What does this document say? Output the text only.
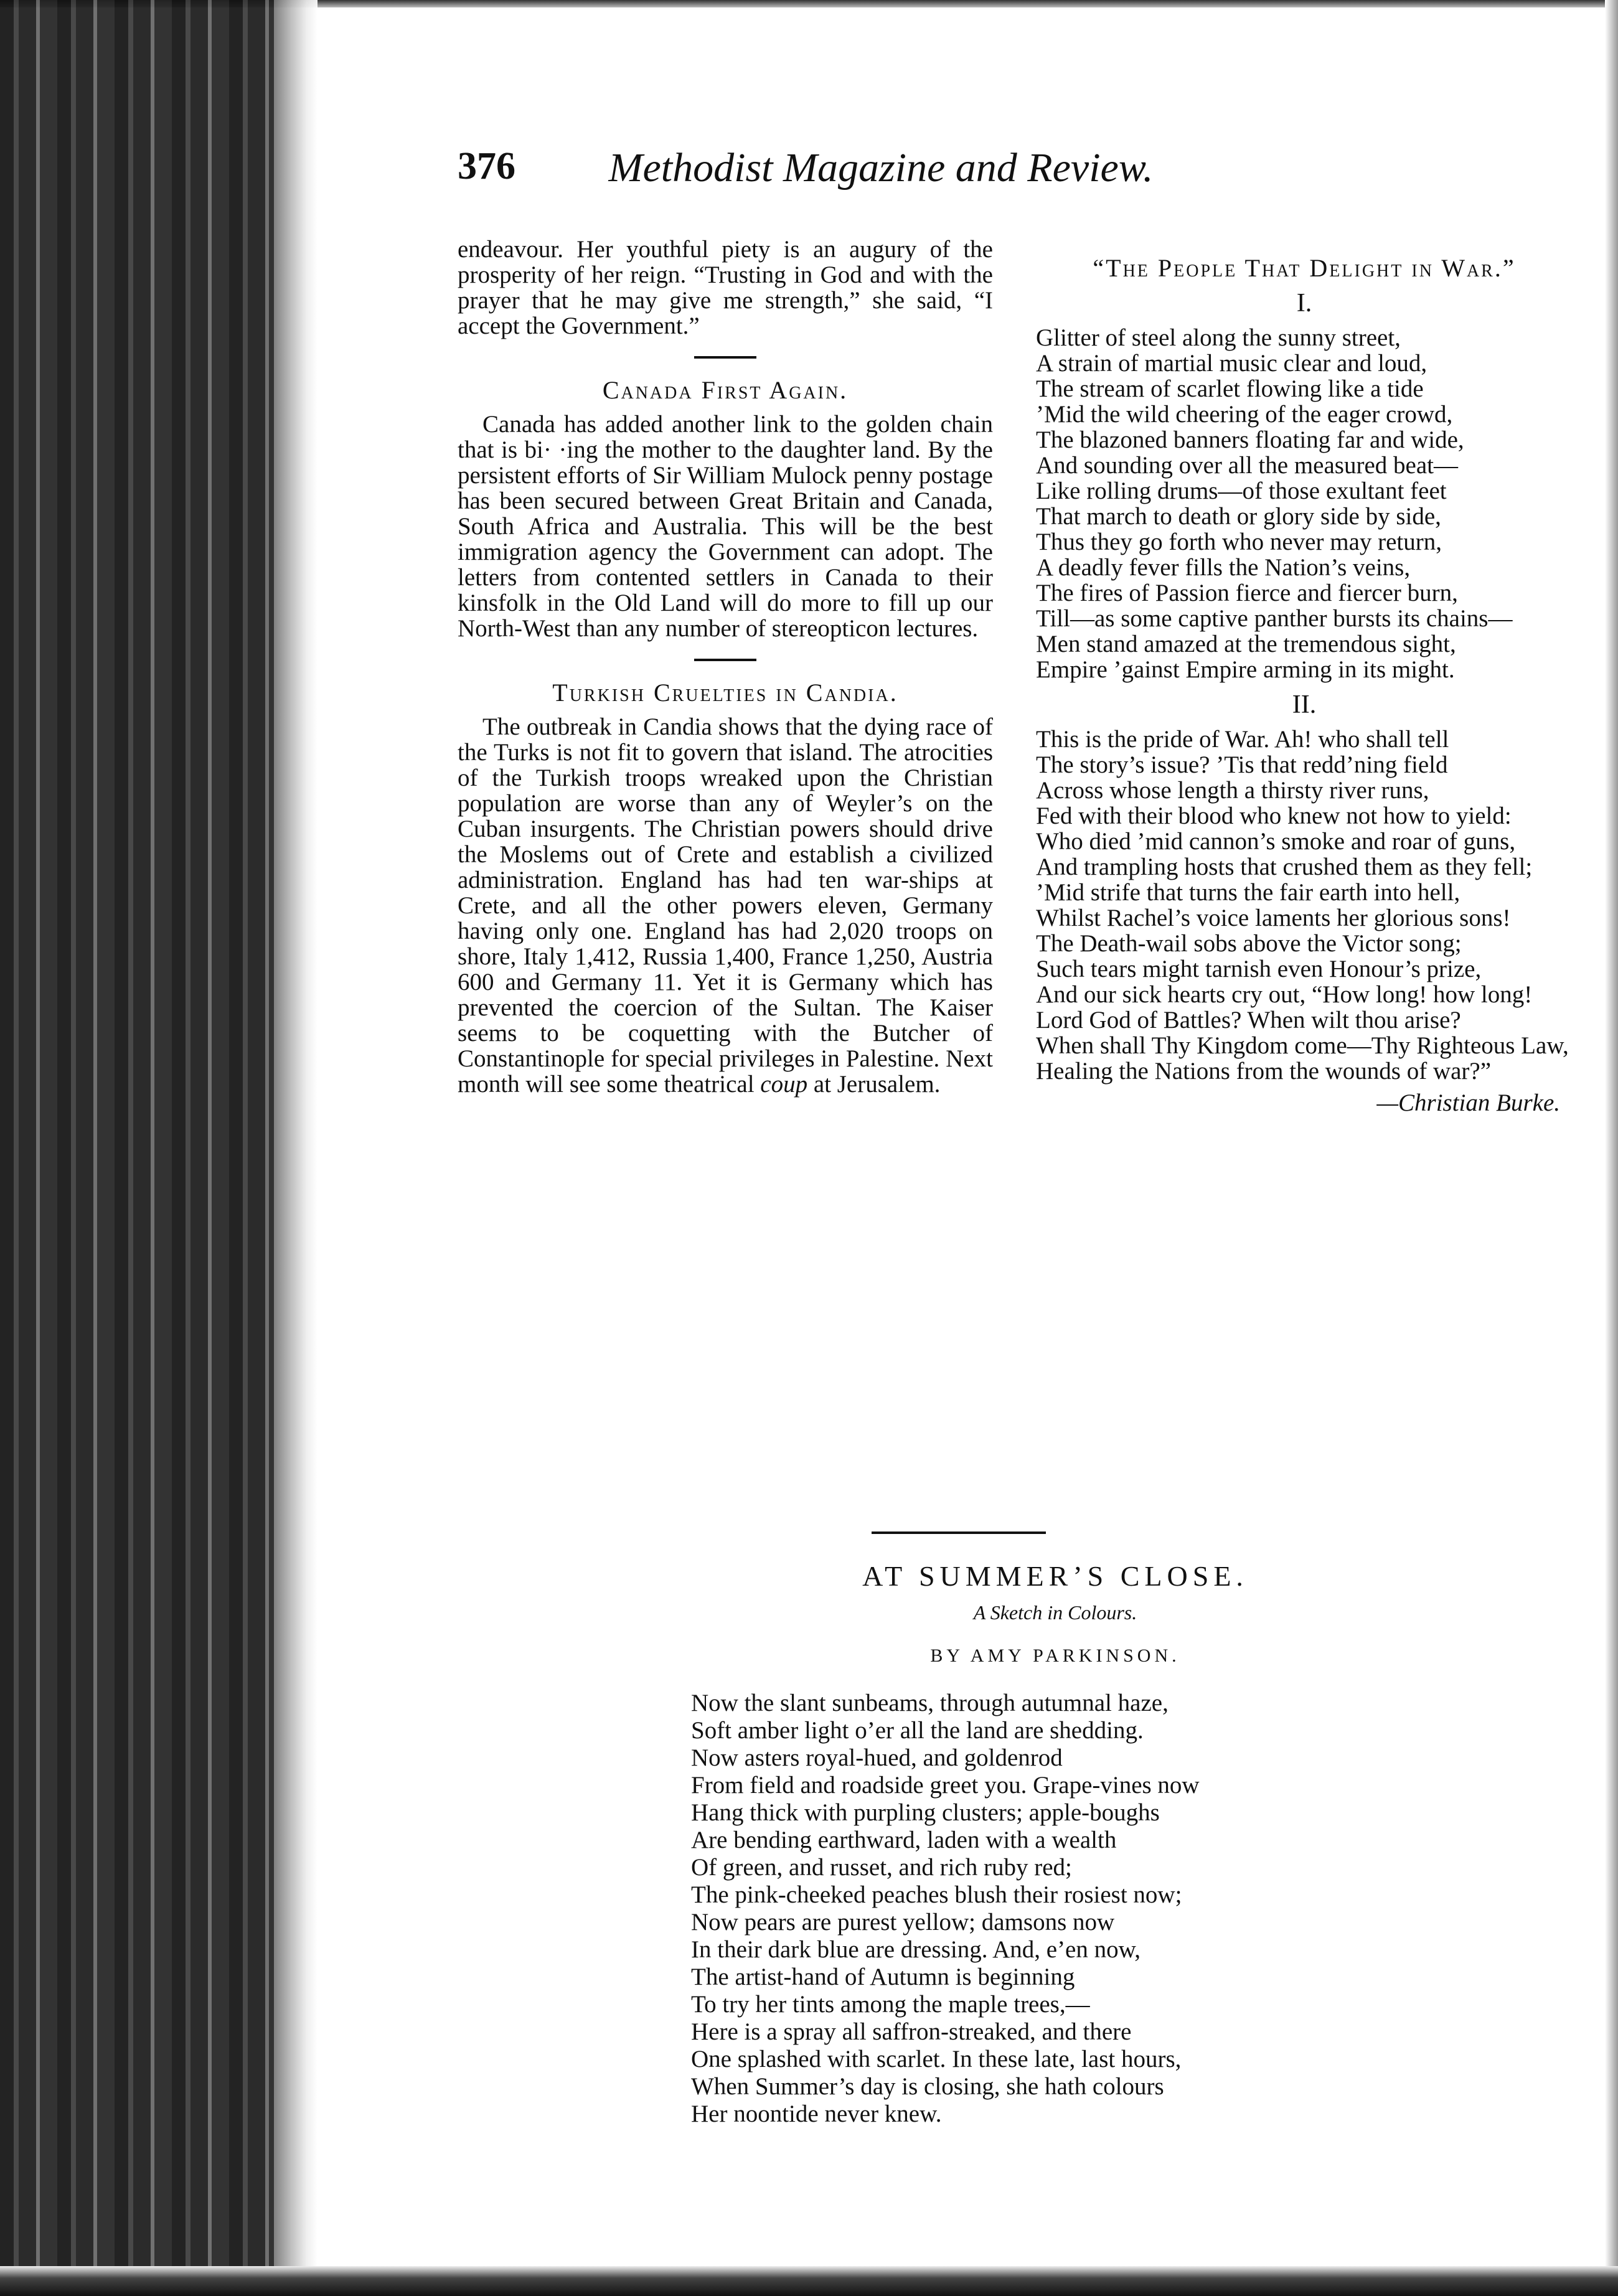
Methodist Magazine and Review.
376

endeavour. Her youthful piety is an augury of the prosperity of her reign. “Trusting in God and with the prayer that he may give me strength,” she said, “I accept the Government.”

Canada First Again.

Canada has added another link to the golden chain that is bi· ·ing the mother to the daughter land. By the persistent efforts of Sir William Mulock penny postage has been secured between Great Britain and Canada, South Africa and Australia. This will be the best immigration agency the Government can adopt. The letters from contented settlers in Canada to their kinsfolk in the Old Land will do more to fill up our North-West than any number of stereopticon lectures.

Turkish Cruelties in Candia.

The outbreak in Candia shows that the dying race of the Turks is not fit to govern that island. The atrocities of the Turkish troops wreaked upon the Christian population are worse than any of Weyler’s on the Cuban insurgents. The Christian powers should drive the Moslems out of Crete and establish a civilized administration. England has had ten war-ships at Crete, and all the other powers eleven, Germany having only one. England has had 2,020 troops on shore, Italy 1,412, Russia 1,400, France 1,250, Austria 600 and Germany 11. Yet it is Germany which has prevented the coercion of the Sultan. The Kaiser seems to be coquetting with the Butcher of Constantinople for special privileges in Palestine. Next month will see some theatrical coup at Jerusalem.

“The People That Delight in War.”
I.

Glitter of steel along the sunny street,

A strain of martial music clear and loud,

The stream of scarlet flowing like a tide

’Mid the wild cheering of the eager crowd,

The blazoned banners floating far and wide,

And sounding over all the measured beat—

Like rolling drums—of those exultant feet

That march to death or glory side by side,

Thus they go forth who never may return,

A deadly fever fills the Nation’s veins,

The fires of Passion fierce and fiercer burn,

Till—as some captive panther bursts its chains—

Men stand amazed at the tremendous sight,

Empire ’gainst Empire arming in its might.

II.

This is the pride of War. Ah! who shall tell

The story’s issue? ’Tis that redd’ning field

Across whose length a thirsty river runs,

Fed with their blood who knew not how to yield:

Who died ’mid cannon’s smoke and roar of guns,

And trampling hosts that crushed them as they fell;

’Mid strife that turns the fair earth into hell,

Whilst Rachel’s voice laments her glorious sons!

The Death-wail sobs above the Victor song;

Such tears might tarnish even Honour’s prize,

And our sick hearts cry out, “How long! how long!

Lord God of Battles? When wilt thou arise?

When shall Thy Kingdom come—Thy Righteous Law,

Healing the Nations from the wounds of war?”

—Christian Burke.
AT SUMMER’S CLOSE.
A Sketch in Colours.
BY AMY PARKINSON.

Now the slant sunbeams, through autumnal haze,

Soft amber light o’er all the land are shedding.

Now asters royal-hued, and goldenrod

From field and roadside greet you. Grape-vines now

Hang thick with purpling clusters; apple-boughs

Are bending earthward, laden with a wealth

Of green, and russet, and rich ruby red;

The pink-cheeked peaches blush their rosiest now;

Now pears are purest yellow; damsons now

In their dark blue are dressing. And, e’en now,

The artist-hand of Autumn is beginning

To try her tints among the maple trees,—

Here is a spray all saffron-streaked, and there

One splashed with scarlet. In these late, last hours,

When Summer’s day is closing, she hath colours

Her noontide never knew.
